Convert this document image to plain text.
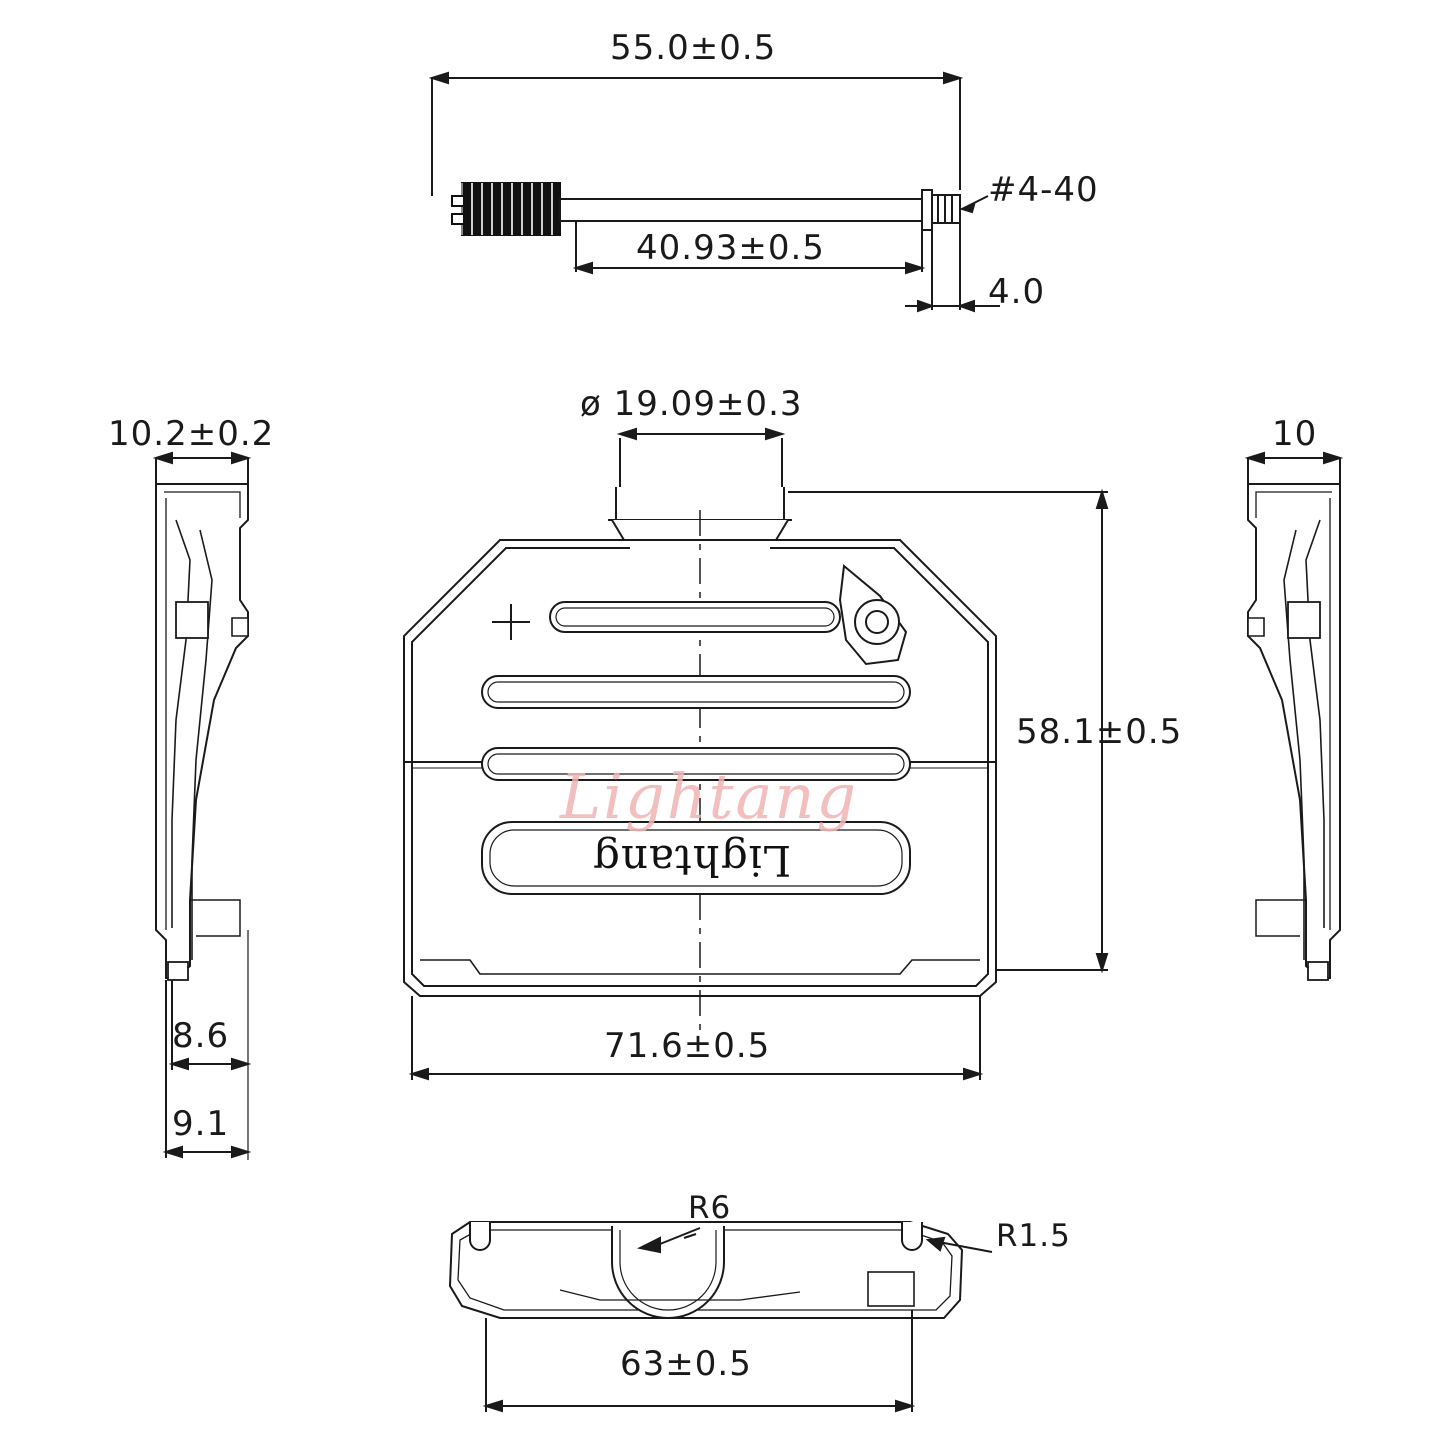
55.0±0.5
40.93±0.5
#4-40
4.0
ø 19.09±0.3
58.1±0.5
71.6±0.5
10.2±0.2
8.6
9.1
10
R6
R1.5
63±0.5
Lightang
Lightang
